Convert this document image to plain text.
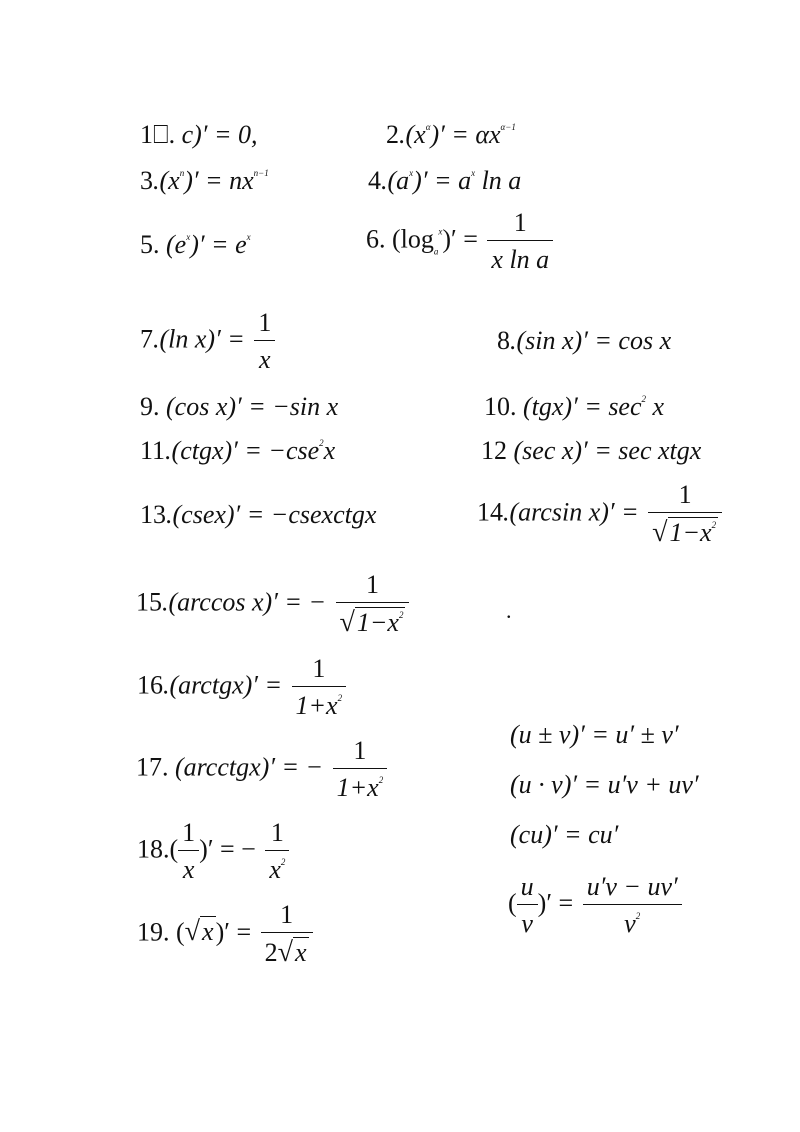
1⎕. c)′ = 0,	$2.(x^\alpha)' = \alpha x^{\alpha-1}$
$3.(x^n)' = nx^{n-1}$	$4.(a^x)' = a^x$ ln a
5. $(e^x)' = e^x$	6. $(\log_a^x)' = \frac{1}{\text{x ln a}}$
7.(ln $x)' = \frac{1}{x}$	8.(sin x)′ = cos x
9. (cos x)′ = −sin x	10. $(tgx)' = \sec^2 x$
11.(ctgx)′ = −cse$^2$x	12 (sec x)′ = sec xtgx
13.(csex)′ = −csexctgx	14.(arcsin $x)' = \frac{1}{√1-x^2}$
15.(arccos x)′ = − $\frac{1}{√1-x^2}$	.
16.(arctgx)′ = $\frac{1}{1+x^2}$
17. (arcctgx)′ = − $\frac{1}{1+x^2}$
$18.( \frac{1}{x}$ )′ = − $\frac{1}{x^2}$
19. $(√x)' = \frac{1}{2√x}$
(u ± v)′ = u′ ± v′
(u · v)′ = u′v + uv′
(cu)′ = cu′
( $\frac{u}{v}$ )′ = $\frac{u'v - uv'}{v^2}$
